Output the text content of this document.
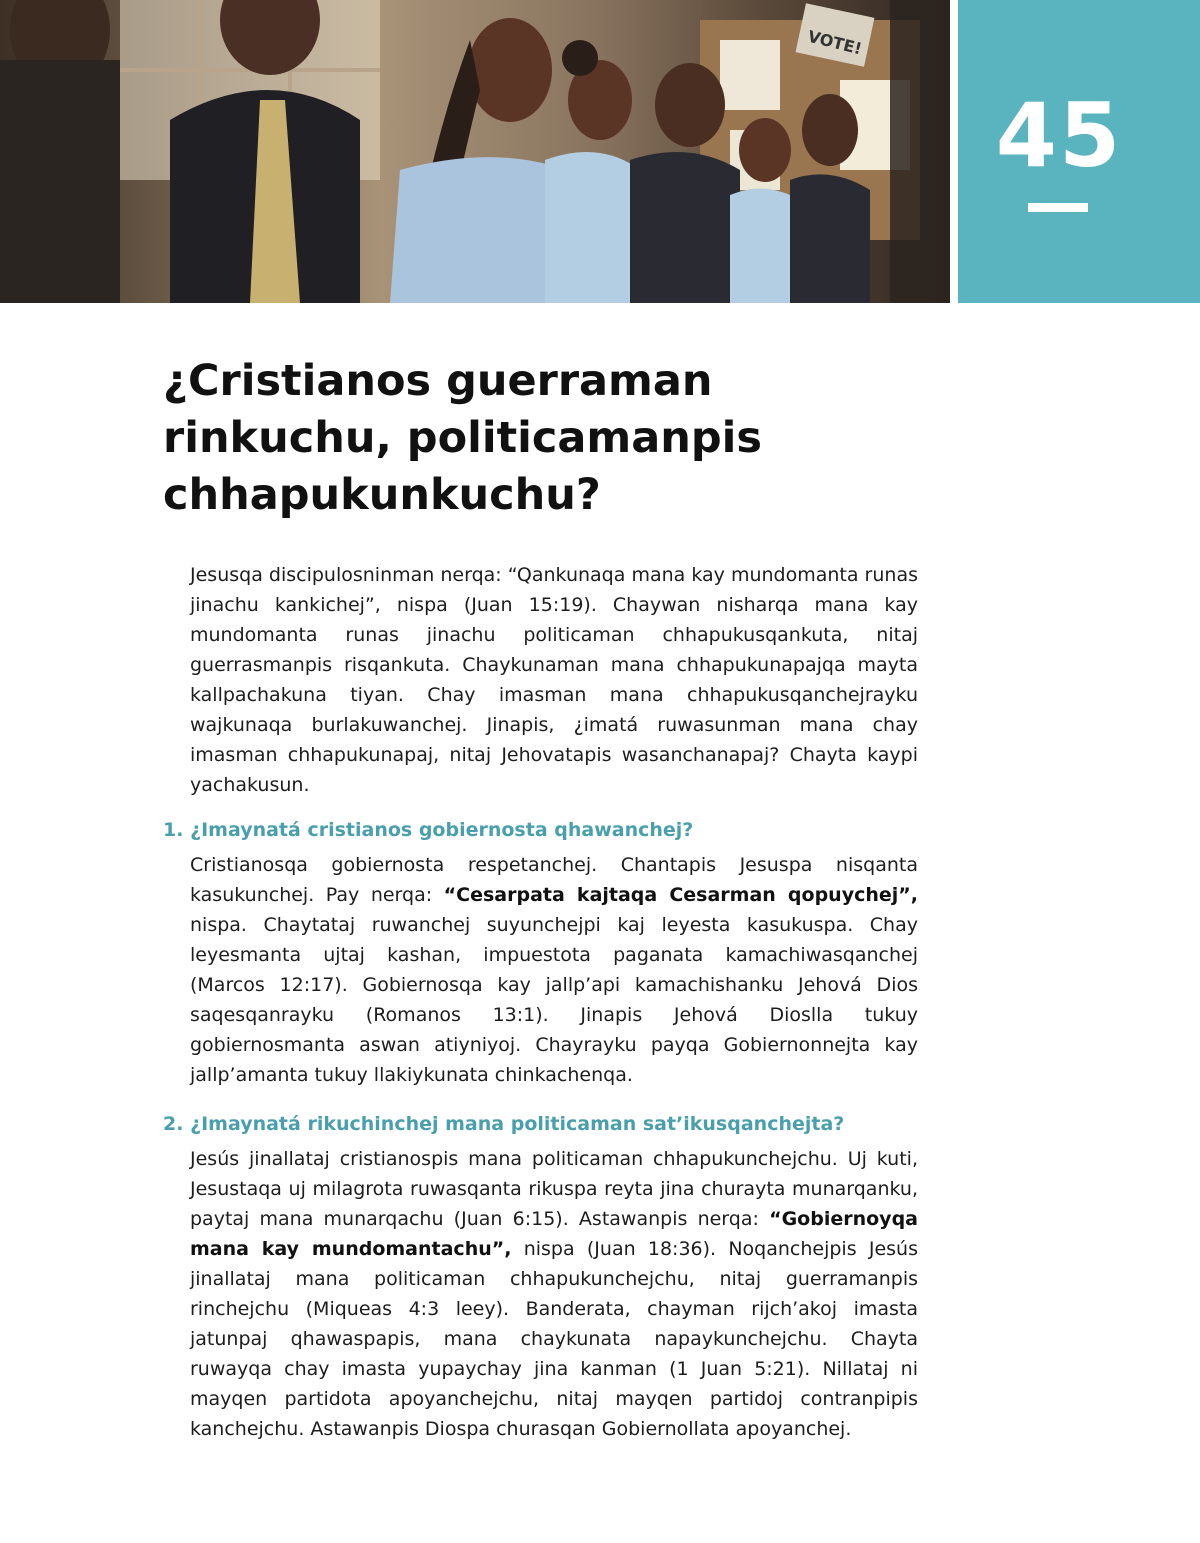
VOTE!
45
¿Cristianos guerraman rinkuchu, politicamanpis chhapukunkuchu?

Jesusqa discipulosninman nerqa: “Qankunaqa mana kay mundomanta runas jinachu kankichej”, nispa (Juan 15:19). Chaywan nisharqa mana kay mundomanta runas jinachu politicaman chhapukusqankuta, nitaj guerrasmanpis risqankuta. Chaykunaman mana chhapukunapajqa mayta kallpachakuna tiyan. Chay imasman mana chhapukusqanchejrayku wajkunaqa burlakuwanchej. Jinapis, ¿imatá ruwasunman mana chay imasman chhapukunapaj, nitaj Jehovatapis wasanchanapaj? Chayta kaypi yachakusun.

1. ¿Imaynatá cristianos gobiernosta qhawanchej?

Cristianosqa gobiernosta respetanchej. Chantapis Jesuspa nisqanta kasukunchej. Pay nerqa: “Cesarpata kajtaqa Cesarman qopuychej”, nispa. Chaytataj ruwanchej suyunchejpi kaj leyesta kasukuspa. Chay leyesmanta ujtaj kashan, impuestota paganata kamachiwasqanchej (Marcos 12:17). Gobiernosqa kay jallp’api kamachishanku Jehová Dios saqesqanrayku (Romanos 13:1). Jinapis Jehová Dioslla tukuy gobiernosmanta aswan atiyniyoj. Chayrayku payqa Gobiernonnejta kay jallp’amanta tukuy llakiykunata chinkachenqa.

2. ¿Imaynatá rikuchinchej mana politicaman sat’ikusqanchejta?

Jesús jinallataj cristianospis mana politicaman chhapukunchejchu. Uj kuti, Jesustaqa uj milagrota ruwasqanta rikuspa reyta jina churayta munarqanku, paytaj mana munarqachu (Juan 6:15). Astawanpis nerqa: “Gobiernoyqa mana kay mundomantachu”, nispa (Juan 18:36). Noqanchejpis Jesús jinallataj mana politicaman chhapukunchejchu, nitaj guerramanpis rinchejchu (Miqueas 4:3 leey). Banderata, chayman rijch’akoj imasta jatunpaj qhawaspapis, mana chaykunata napaykunchejchu. Chayta ruwayqa chay imasta yupaychay jina kanman (1 Juan 5:21). Nillataj ni mayqen partidota apoyanchejchu, nitaj mayqen partidoj contranpipis kanchejchu. Astawanpis Diospa churasqan Gobiernollata apoyanchej.
